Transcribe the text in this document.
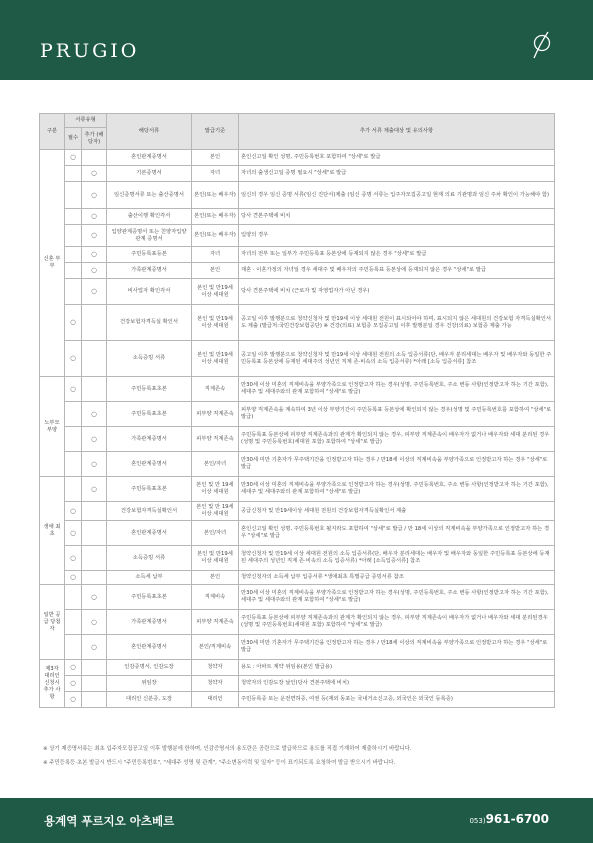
PRUGIO
구분	서류유형		해당서류	발급기준	추가 서류 제출대상 및 유의사항
	필수	추가 (해당자)			
신혼 부부	○		혼인관계증명서	본인	혼인신고일 확인 성명, 주민등록번호 포함하여 "상세"로 발급
		○	기본증명서	자녀	자녀의 출생신고일 증명 필요시 "상세"로 발급
		○	임신증명서류 또는 출산증명서	본인(또는 배우자)	임신의 경우 임신 증명 서류(임신 진단서)제출 (임신 증명 서류는 입주자모집공고일 현재 의료 기관명과 임신 주차 확인이 가능해야 함)
		○	출산이행 확인각서	본인(또는 배우자)	당사 견본주택에 비치
		○	입양관계증명서 또는 친양자입양관계 증명서	본인(또는 배우자)	입양의 경우
		○	주민등록표등본	자녀	자녀의 전부 또는 일부가 주민등록표 등본상에 등재되지 않은 경우 "상세"로 발급
		○	가족관계증명서	본인	재혼 · 이혼가정의 자녀일 경우 세대주 및 배우자의 주민등록표 등본상에 등재되지 않은 경우 "상세"로 발급
		○	비사업자 확인각서	본인 및 만19세 이상 세대원	당사 견본주택에 비치 (근로자 및 자영업자가 아닌 경우)
	○		건강보험자격득실 확인서	본인 및 만19세 이상 세대원	공고일 이후 발행분으로 청약신청자 및 만19세 이상 세대원 전원이 표시되어야 하며, 표시되지 않은 세대원의 건강보험 자격득실확인서도 제출 (발급처:국민건강보험공단) ※ 건강(의료) 보험증 모집공고일 이후 발행분일 경우 건강(의료) 보험증 제출 가능
	○		소득증빙 서류	본인 및 만19세 이상 세대원	공고일 이후 발행분으로 청약신청자 및 만19세 이상 세대원 전원의 소득 입증서류(단, 배우자 분리세대는 배우자 및 배우자와 동일한 주민등록표 등본상에 등재된 세대주의 성년인 직계 존·비속의 소득 입증서류) *아래 [소득 입증서류] 참조
노부모 부양	○		주민등록표초본	직계존속	만30세 이상 미혼의 직계비속을 부양가족으로 인정받고자 하는 경우(성명, 주민등록번호, 주소 변동 사항(인정받고자 하는 기간 포함), 세대주 및 세대주와의 관계 포함하여 "상세"로 발급)
		○	주민등록표초본	피부양 직계존속	피부양 직계존속을 계속하여 3년 이상 부양기간이 주민등록표 등본상에 확인되지 않는 경우(성명 및 주민등록번호를 포함하여 "상세"로 발급)
		○	가족관계증명서	피부양 직계존속	주민등록표 등본상에 피부양 직계존속과의 관계가 확인되지 않는 경우, 피부양 직계존속이 배우자가 없거나 배우자와 세대 분리된 경우(성명 및 주민등록번호(세대원 포함) 포함하여 "상세"로 발급)
		○	혼인관계증명서	본인/자녀	만30세 미만 기혼자가 무주택기간을 인정받고자 하는 경우 / 만18세 이상의 직계비속을 부양가족으로 인정받고자 하는 경우 "상세"로 발급
생애 최초		○	주민등록표초본	본인 및 만 19세 이상 세대원	만30세 이상 미혼의 직계비속을 부양가족으로 인정받고자 하는 경우(성명, 주민등록번호, 주소 변동 사항(인정받고자 하는 기간 포함), 세대주 및 세대주와의 관계 포함하여 "상세"로 발급)
	○		건강보험자격득실확인서	본인 및 만 19세 이상 세대원	공급신청자 및 만19세이상 세대원 전원의 건강보험자격득실확인서 제출
	○		혼인관계증명서	본인/자녀	혼인신고일 확인 성명, 주민등록번호 될지라도 포함하여 "상세"로 발급 / 만 18세 이상의 직계비속을 부양가족으로 인정받고자 하는 경우 "상세"로 발급
	○		소득증빙 서류	본인 및 만19세 이상 세대원	청약신청자 및 만19세 이상 세대원 전원의 소득 입증서류(단, 배우자 분리세대는 배우자 및 배우자와 동일한 주민등록표 등본상에 등재된 세대주의 성년인 직계 존·비속의 소득 입증서류) *아래 [소득입증서류] 참조
	○		소득세 납부	본인	청약신청자의 소득세 납부 입증서류 *생애최초 특별공급 증빙서류 참조
일반 공급 당첨자		○	주민등록표초본	직계비속	만30세 이상 미혼의 직계비속을 부양가족으로 인정받고자 하는 경우(성명, 주민등록번호, 주소 변동 사항(인정받고자 하는 기간 포함), 세대주 및 세대주와의 관계 포함하여 "상세"로 발급)
		○	가족관계증명서	피부양 직계존속	주민등록표 등본상에 피부양 직계존속과의 관계가 확인되지 않는 경우, 피부양 직계존속이 배우자가 없거나 배우자와 세대 분리된경우(성명 및 주민등록번호(세대원 포함) 포함하여 "상세"로 발급)
		○	혼인관계증명서	본인/직계비속	만30세 미만 기혼자가 무주택기간을 인정받고자 하는 경우 / 만18세 이상의 직계비속을 부양가족으로 인정받고자 하는 경우 "상세"로 발급
제3자 대리인 신청시 추가 사항	○		인감증명서, 인감도장	청약자	용도 : 아파트 계약 위임용(본인 발급용)
	○		위임장	청약자	청약자의 인감도장 날인(당사 견본주택에 비치)
	○		대리인 신분증, 도장	대리인	주민등록증 또는 운전면허증, 여권 등(재외 동포는 국내거소신고증, 외국인은 외국인 등록증)
※ 상기 제증명서류는 최초 입주자모집공고일 이후 발행분에 한하며, 인감증명서의 용도란은 공란으로 발급하므로 용도를 직접 기재하여 제출하시기 바랍니다.
※ 주민등록등·초본 발급시 반드시 "주민등록번호", "세대주 성명 및 관계", "주소변동이력 및 일자" 등이 표기되도록 요청하여 발급 받으시기 바랍니다.
용계역 푸르지오 아츠베르	053)961-6700
